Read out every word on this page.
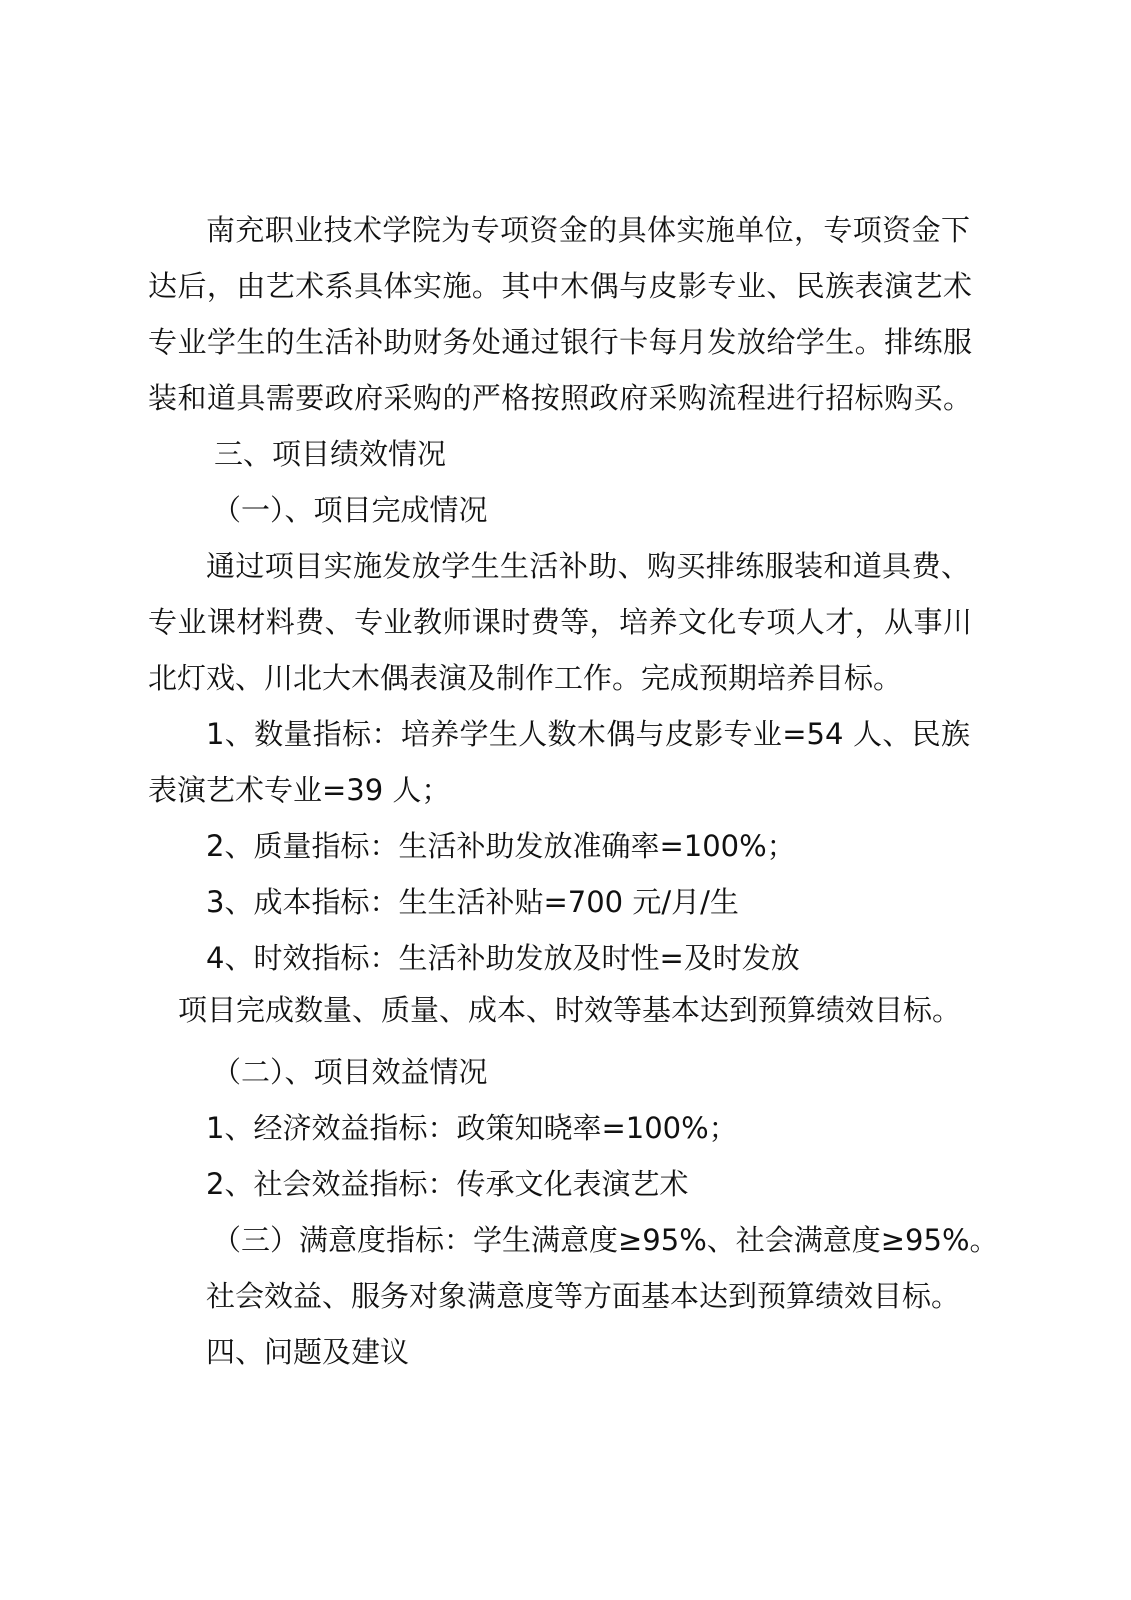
南充职业技术学院为专项资金的具体实施单位，专项资金下
达后，由艺术系具体实施。其中木偶与皮影专业、民族表演艺术
专业学生的生活补助财务处通过银行卡每月发放给学生。排练服
装和道具需要政府采购的严格按照政府采购流程进行招标购买。
三、项目绩效情况
（一）、项目完成情况
通过项目实施发放学生生活补助、购买排练服装和道具费、
专业课材料费、专业教师课时费等，培养文化专项人才，从事川
北灯戏、川北大木偶表演及制作工作。完成预期培养目标。
1、数量指标：培养学生人数木偶与皮影专业=54 人、民族
表演艺术专业=39 人；
2、质量指标：生活补助发放准确率=100%；
3、成本指标：生生活补贴=700 元/月/生
4、时效指标：生活补助发放及时性=及时发放
项目完成数量、质量、成本、时效等基本达到预算绩效目标。
（二）、项目效益情况
1、经济效益指标：政策知晓率=100%；
2、社会效益指标：传承文化表演艺术
（三）满意度指标：学生满意度≥95%、社会满意度≥95%。
社会效益、服务对象满意度等方面基本达到预算绩效目标。
四、问题及建议
